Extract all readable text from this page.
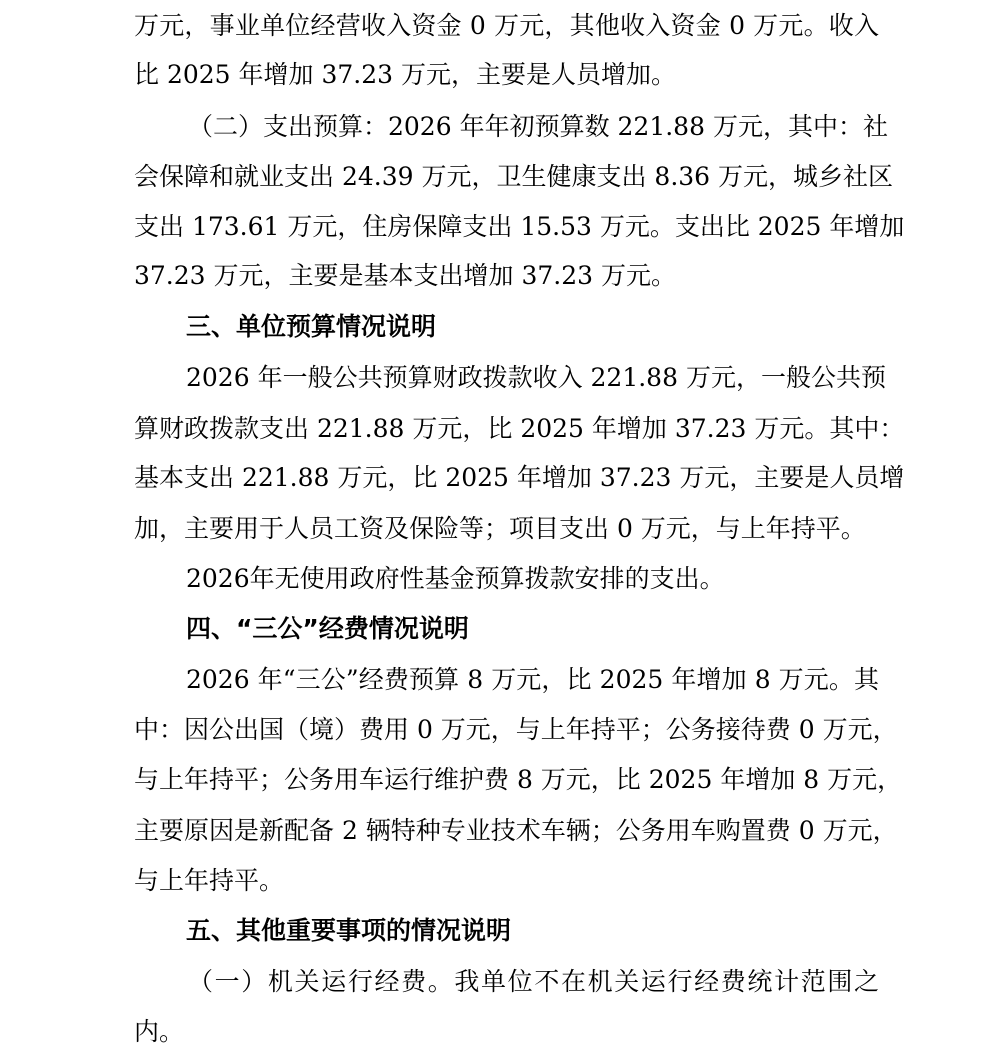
万元，事业单位经营收入资金 0 万元，其他收入资金 0 万元。收入
比 2025 年增加 37.23 万元，主要是人员增加。
（二）支出预算：2026 年年初预算数 221.88 万元，其中：社
会保障和就业支出 24.39 万元，卫生健康支出 8.36 万元，城乡社区
支出 173.61 万元，住房保障支出 15.53 万元。支出比 2025 年增加
37.23 万元，主要是基本支出增加 37.23 万元。
三、单位预算情况说明
2026 年一般公共预算财政拨款收入 221.88 万元，一般公共预
算财政拨款支出 221.88 万元，比 2025 年增加 37.23 万元。其中：
基本支出 221.88 万元，比 2025 年增加 37.23 万元，主要是人员增
加，主要用于人员工资及保险等；项目支出 0 万元，与上年持平。
2026年无使用政府性基金预算拨款安排的支出。
四、“三公”经费情况说明
2026 年“三公”经费预算 8 万元，比 2025 年增加 8 万元。其
中：因公出国（境）费用 0 万元，与上年持平；公务接待费 0 万元，
与上年持平；公务用车运行维护费 8 万元，比 2025 年增加 8 万元，
主要原因是新配备 2 辆特种专业技术车辆；公务用车购置费 0 万元，
与上年持平。
五、其他重要事项的情况说明
（一）机关运行经费。我单位不在机关运行经费统计范围之
内。
